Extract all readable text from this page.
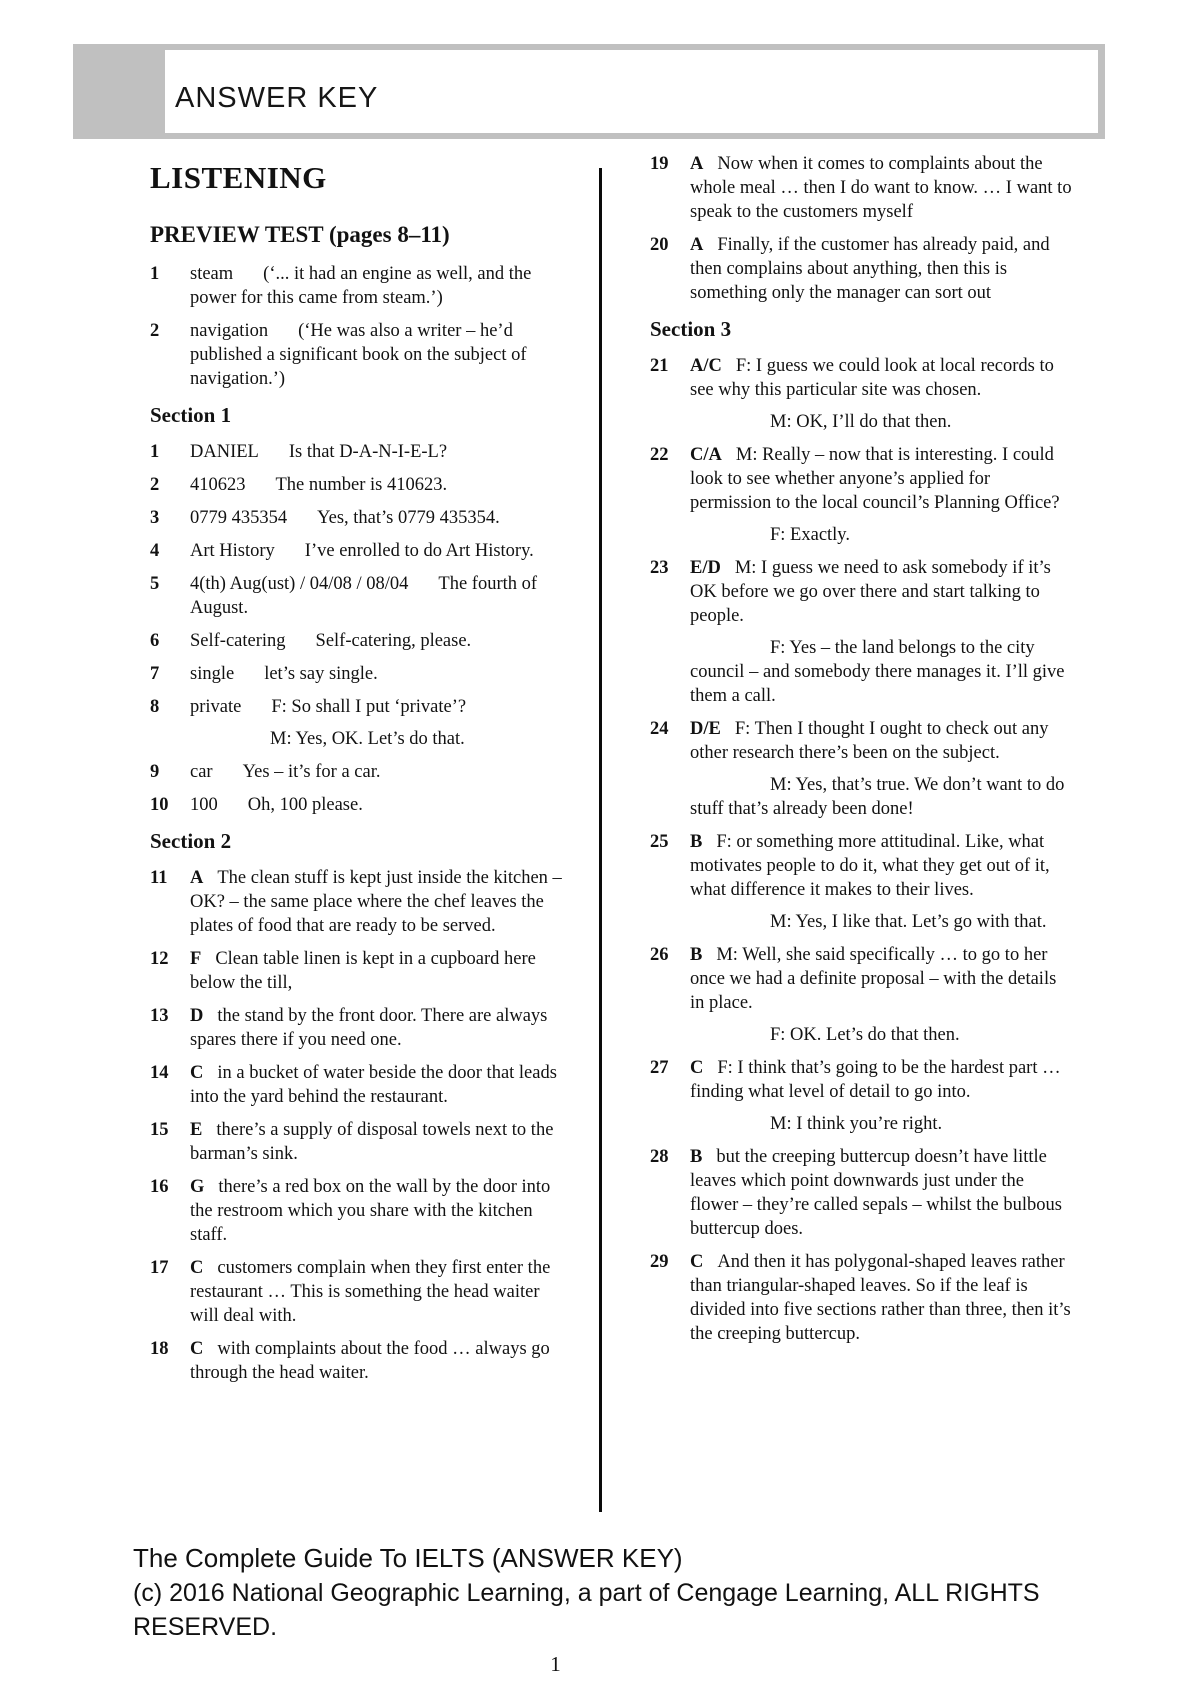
ANSWER KEY
LISTENING
PREVIEW TEST (pages 8–11)
1	steam (‘... it had an engine as well, and the power for this came from steam.’)
2	navigation (‘He was also a writer – he’d published a significant book on the subject of navigation.’)
Section 1
1	DANIEL Is that D-A-N-I-E-L?
2	410623 The number is 410623.
3	0779 435354 Yes, that’s 0779 435354.
4	Art History I’ve enrolled to do Art History.
5	4(th) Aug(ust) / 04/08 / 08/04 The fourth of August.
6	Self-catering Self-catering, please.
7	single let’s say single.
8	private F: So shall I put ‘private’?
M: Yes, OK. Let’s do that.
9	car Yes – it’s for a car.
10	100 Oh, 100 please.
Section 2
11	A The clean stuff is kept just inside the kitchen – OK? – the same place where the chef leaves the plates of food that are ready to be served.
12	F Clean table linen is kept in a cupboard here below the till,
13	D the stand by the front door. There are always spares there if you need one.
14	C in a bucket of water beside the door that leads into the yard behind the restaurant.
15	E there’s a supply of disposal towels next to the barman’s sink.
16	G there’s a red box on the wall by the door into the restroom which you share with the kitchen staff.
17	C customers complain when they first enter the restaurant … This is something the head waiter will deal with.
18	C with complaints about the food … always go through the head waiter.
19	A Now when it comes to complaints about the whole meal … then I do want to know. … I want to speak to the customers myself
20	A Finally, if the customer has already paid, and then complains about anything, then this is something only the manager can sort out
Section 3
21	A/C F: I guess we could look at local records to see why this particular site was chosen.
M: OK, I’ll do that then.
22	C/A M: Really – now that is interesting. I could look to see whether anyone’s applied for permission to the local council’s Planning Office?
F: Exactly.
23	E/D M: I guess we need to ask somebody if it’s OK before we go over there and start talking to people.
F: Yes – the land belongs to the city council – and somebody there manages it. I’ll give them a call.
24	D/E F: Then I thought I ought to check out any other research there’s been on the subject.
M: Yes, that’s true. We don’t want to do stuff that’s already been done!
25	B F: or something more attitudinal. Like, what motivates people to do it, what they get out of it, what difference it makes to their lives.
M: Yes, I like that. Let’s go with that.
26	B M: Well, she said specifically … to go to her once we had a definite proposal – with the details in place.
F: OK. Let’s do that then.
27	C F: I think that’s going to be the hardest part … finding what level of detail to go into.
M: I think you’re right.
28	B but the creeping buttercup doesn’t have little leaves which point downwards just under the flower – they’re called sepals – whilst the bulbous buttercup does.
29	C And then it has polygonal-shaped leaves rather than triangular-shaped leaves. So if the leaf is divided into five sections rather than three, then it’s the creeping buttercup.
The Complete Guide To IELTS (ANSWER KEY)
(c) 2016 National Geographic Learning, a part of Cengage Learning, ALL RIGHTS RESERVED.
1
